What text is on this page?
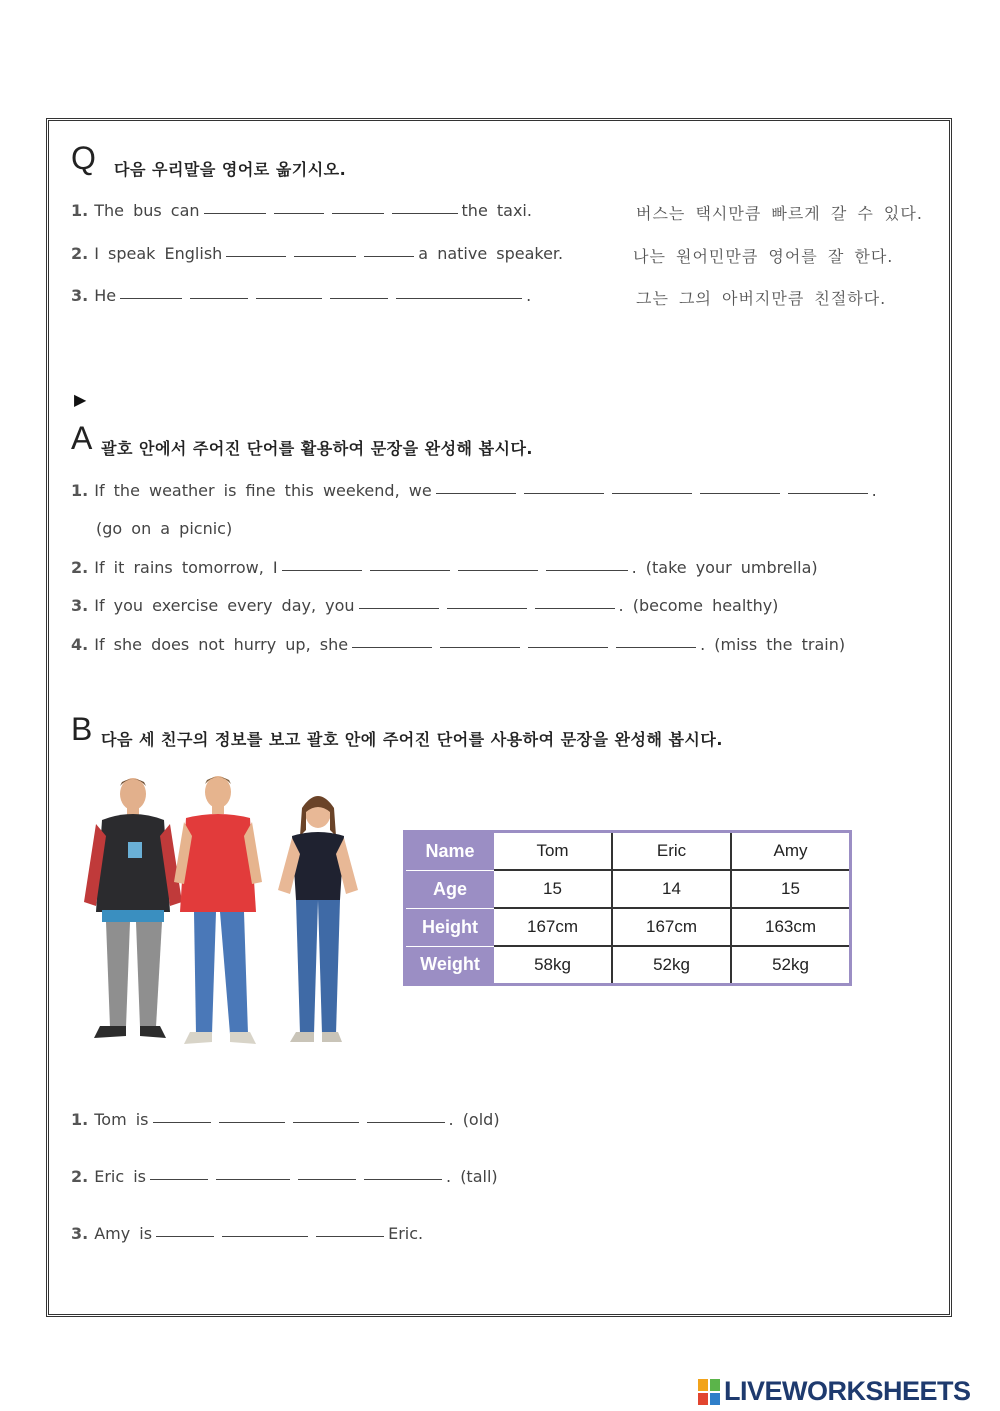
Q 다음 우리말을 영어로 옮기시오.
1. The bus can	the taxi.	버스는 택시만큼 빠르게 갈 수 있다.
2. I speak English	a native speaker.	나는 원어민만큼 영어를 잘 한다.
3. He	.	그는 그의 아버지만큼 친절하다.
▶
A 괄호 안에서 주어진 단어를 활용하여 문장을 완성해 봅시다.
1. If the weather is fine this weekend, we	.
(go on a picnic)
2. If it rains tomorrow, I	. (take your umbrella)
3. If you exercise every day, you	. (become healthy)
4. If she does not hurry up, she	. (miss the train)
B 다음 세 친구의 정보를 보고 괄호 안에 주어진 단어를 사용하여 문장을 완성해 봅시다.
Name	Tom	Eric	Amy
Age	15	14	15
Height	167cm	167cm	163cm
Weight	58kg	52kg	52kg
1. Tom is	. (old)
2. Eric is	. (tall)
3. Amy is	Eric.
LIVEWORKSHEETS
